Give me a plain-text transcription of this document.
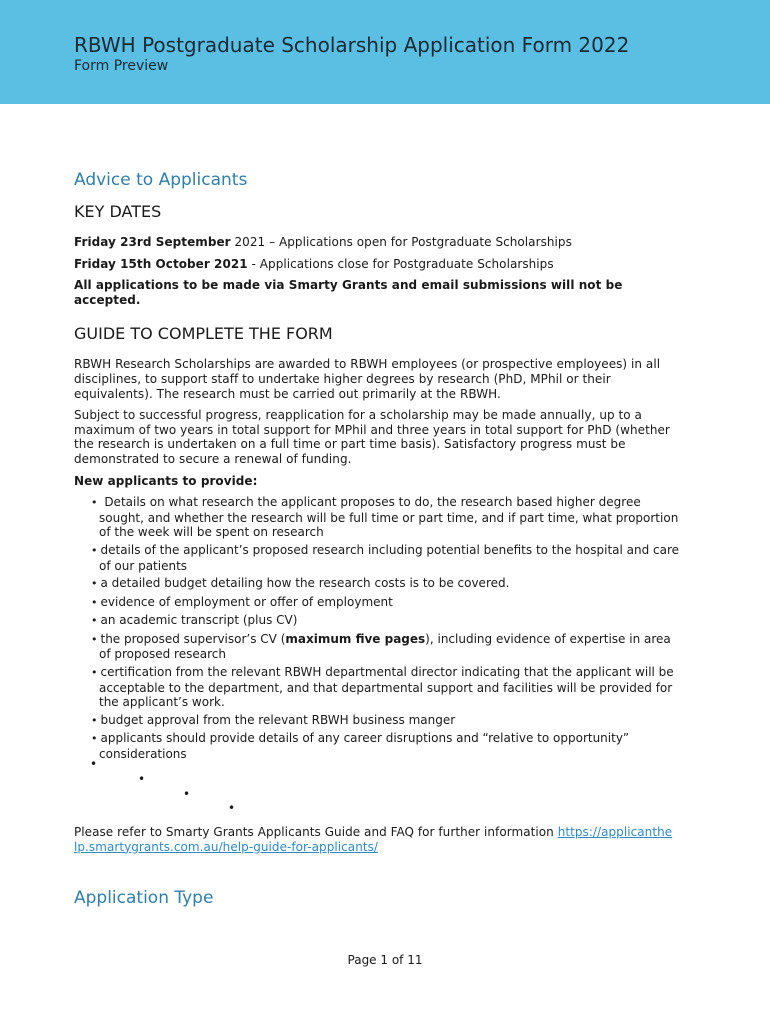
RBWH Postgraduate Scholarship Application Form 2022
Form Preview
Advice to Applicants
KEY DATES

Friday 23rd September 2021 – Applications open for Postgraduate Scholarships

Friday 15th October 2021 - Applications close for Postgraduate Scholarships

All applications to be made via Smarty Grants and email submissions will not be accepted.

GUIDE TO COMPLETE THE FORM

RBWH Research Scholarships are awarded to RBWH employees (or prospective employees) in all disciplines, to support staff to undertake higher degrees by research (PhD, MPhil or their equivalents). The research must be carried out primarily at the RBWH.

Subject to successful progress, reapplication for a scholarship may be made annually, up to a maximum of two years in total support for MPhil and three years in total support for PhD (whether the research is undertaken on a full time or part time basis). Satisfactory progress must be demonstrated to secure a renewal of funding.

New applicants to provide:

• Details on what research the applicant proposes to do, the research based higher degree sought, and whether the research will be full time or part time, and if part time, what proportion of the week will be spent on research
• details of the applicant’s proposed research including potential benefits to the hospital and care of our patients
• a detailed budget detailing how the research costs is to be covered.
• evidence of employment or offer of employment
• an academic transcript (plus CV)
• the proposed supervisor’s CV (maximum five pages), including evidence of expertise in area of proposed research
• certification from the relevant RBWH departmental director indicating that the applicant will be acceptable to the department, and that departmental support and facilities will be provided for the applicant’s work.
• budget approval from the relevant RBWH business manger
• applicants should provide details of any career disruptions and “relative to opportunity” considerations
•
•
•
•

Please refer to Smarty Grants Applicants Guide and FAQ for further information https://applicanthelp.smartygrants.com.au/help-guide-for-applicants/

Application Type
Page 1 of 11
